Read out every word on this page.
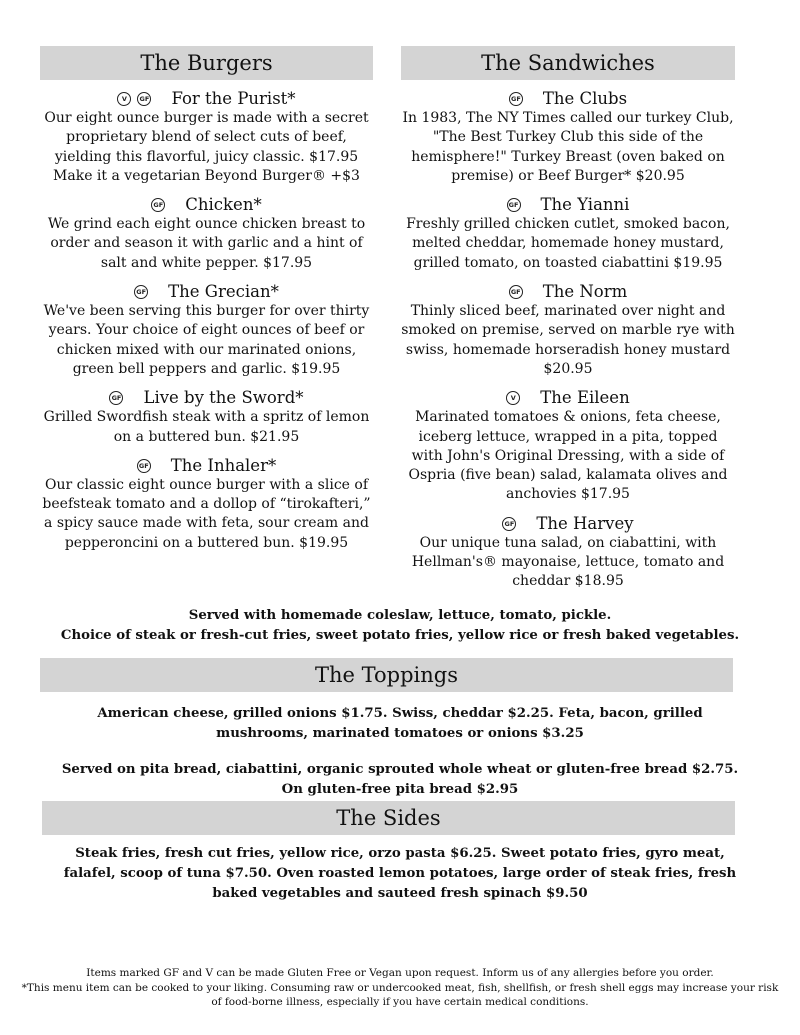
The Burgers
V	GF For the Purist*
Our eight ounce burger is made with a secret proprietary blend of select cuts of beef, yielding this flavorful, juicy classic. $17.95 Make it a vegetarian Beyond Burger® +$3
GF Chicken*
We grind each eight ounce chicken breast to order and season it with garlic and a hint of salt and white pepper. $17.95
GF The Grecian*
We've been serving this burger for over thirty years. Your choice of eight ounces of beef or chicken mixed with our marinated onions, green bell peppers and garlic. $19.95
GF Live by the Sword*
Grilled Swordfish steak with a spritz of lemon on a buttered bun. $21.95
GF The Inhaler*
Our classic eight ounce burger with a slice of beefsteak tomato and a dollop of “tirokafteri,” a spicy sauce made with feta, sour cream and pepperoncini on a buttered bun. $19.95
The Sandwiches
GF The Clubs
In 1983, The NY Times called our turkey Club, "The Best Turkey Club this side of the hemisphere!" Turkey Breast (oven baked on premise) or Beef Burger* $20.95
GF The Yianni
Freshly grilled chicken cutlet, smoked bacon, melted cheddar, homemade honey mustard, grilled tomato, on toasted ciabattini $19.95
GF The Norm
Thinly sliced beef, marinated over night and smoked on premise, served on marble rye with swiss, homemade horseradish honey mustard $20.95
V The Eileen
Marinated tomatoes & onions, feta cheese, iceberg lettuce, wrapped in a pita, topped with John's Original Dressing, with a side of Ospria (five bean) salad, kalamata olives and anchovies $17.95
GF The Harvey
Our unique tuna salad, on ciabattini, with Hellman's® mayonaise, lettuce, tomato and cheddar $18.95
Served with homemade coleslaw, lettuce, tomato, pickle.
Choice of steak or fresh-cut fries, sweet potato fries, yellow rice or fresh baked vegetables.
The Toppings
American cheese, grilled onions $1.75. Swiss, cheddar $2.25. Feta, bacon, grilled mushrooms, marinated tomatoes or onions $3.25
Served on pita bread, ciabattini, organic sprouted whole wheat or gluten-free bread $2.75. On gluten-free pita bread $2.95
The Sides
Steak fries, fresh cut fries, yellow rice, orzo pasta $6.25. Sweet potato fries, gyro meat, falafel, scoop of tuna $7.50. Oven roasted lemon potatoes, large order of steak fries, fresh baked vegetables and sauteed fresh spinach $9.50
Items marked GF and V can be made Gluten Free or Vegan upon request. Inform us of any allergies before you order.
*This menu item can be cooked to your liking. Consuming raw or undercooked meat, fish, shellfish, or fresh shell eggs may increase your risk of food-borne illness, especially if you have certain medical conditions.
